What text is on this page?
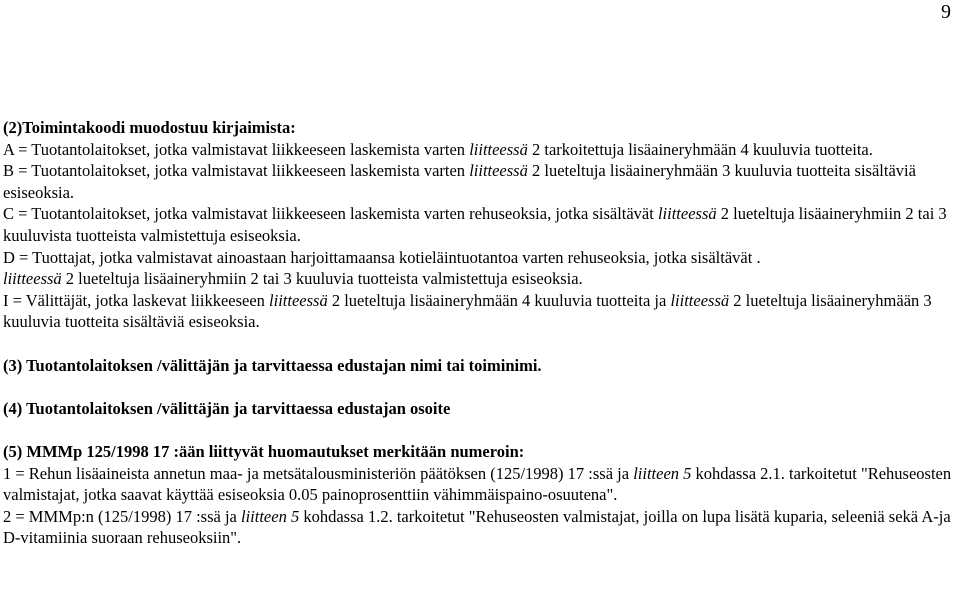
9

(2)Toimintakoodi muodostuu kirjaimista:

A = Tuotantolaitokset, jotka valmistavat liikkeeseen laskemista varten liitteessä 2 tarkoitettuja lisäaineryhmään 4 kuuluvia tuotteita.

B = Tuotantolaitokset, jotka valmistavat liikkeeseen laskemista varten liitteessä 2 lueteltuja lisäaineryhmään 3 kuuluvia tuotteita sisältäviä esiseoksia.

C = Tuotantolaitokset, jotka valmistavat liikkeeseen laskemista varten rehuseoksia, jotka sisältävät liitteessä 2 lueteltuja lisäaineryhmiin 2 tai 3 kuuluvista tuotteista valmistettuja esiseoksia.

D = Tuottajat, jotka valmistavat ainoastaan harjoittamaansa kotieläintuotantoa varten rehuseoksia, jotka sisältävät .
liitteessä 2 lueteltuja lisäaineryhmiin 2 tai 3 kuuluvia tuotteista valmistettuja esiseoksia.

I = Välittäjät, jotka laskevat liikkeeseen liitteessä 2 lueteltuja lisäaineryhmään 4 kuuluvia tuotteita ja liitteessä 2 lueteltuja lisäaineryhmään 3 kuuluvia tuotteita sisältäviä esiseoksia.

(3) Tuotantolaitoksen /välittäjän ja tarvittaessa edustajan nimi tai toiminimi.

(4) Tuotantolaitoksen /välittäjän ja tarvittaessa edustajan osoite

(5) MMMp 125/1998 17 :ään liittyvät huomautukset merkitään numeroin:

1 = Rehun lisäaineista annetun maa- ja metsätalousministeriön päätöksen (125/1998) 17 :ssä ja liitteen 5 kohdassa 2.1. tarkoitetut "Rehuseosten valmistajat, jotka saavat käyttää esiseoksia 0.05 painoprosenttiin vähimmäispaino-osuutena".

2 = MMMp:n (125/1998) 17 :ssä ja liitteen 5 kohdassa 1.2. tarkoitetut "Rehuseosten valmistajat, joilla on lupa lisätä kuparia, seleeniä sekä A-ja D-vitamiinia suoraan rehuseoksiin".
